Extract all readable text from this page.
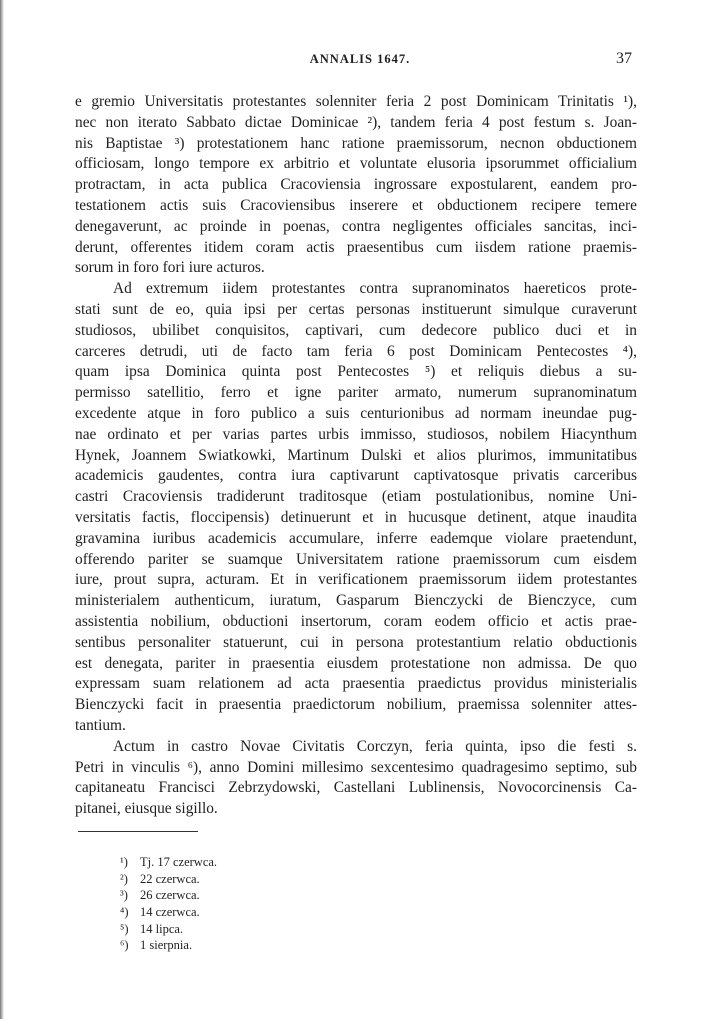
ANNALIS 1647.	37
e gremio Universitatis protestantes solenniter feria 2 post Dominicam Trinitatis ¹),
nec non iterato Sabbato dictae Dominicae ²), tandem feria 4 post festum s. Joan-
nis Baptistae ³) protestationem hanc ratione praemissorum, necnon obductionem
officiosam, longo tempore ex arbitrio et voluntate elusoria ipsorummet officialium
protractam, in acta publica Cracoviensia ingrossare expostularent, eandem pro-
testationem actis suis Cracoviensibus inserere et obductionem recipere temere
denegaverunt, ac proinde in poenas, contra negligentes officiales sancitas, inci-
derunt, offerentes itidem coram actis praesentibus cum iisdem ratione praemis-
sorum in foro fori iure acturos.
Ad extremum iidem protestantes contra supranominatos haereticos prote-
stati sunt de eo, quia ipsi per certas personas instituerunt simulque curaverunt
studiosos, ubilibet conquisitos, captivari, cum dedecore publico duci et in
carceres detrudi, uti de facto tam feria 6 post Dominicam Pentecostes ⁴),
quam ipsa Dominica quinta post Pentecostes ⁵) et reliquis diebus a su-
permisso satellitio, ferro et igne pariter armato, numerum supranominatum
excedente atque in foro publico a suis centurionibus ad normam ineundae pug-
nae ordinato et per varias partes urbis immisso, studiosos, nobilem Hiacynthum
Hynek, Joannem Swiatkowki, Martinum Dulski et alios plurimos, immunitatibus
academicis gaudentes, contra iura captivarunt captivatosque privatis carceribus
castri Cracoviensis tradiderunt traditosque (etiam postulationibus, nomine Uni-
versitatis factis, floccipensis) detinuerunt et in hucusque detinent, atque inaudita
gravamina iuribus academicis accumulare, inferre eademque violare praetendunt,
offerendo pariter se suamque Universitatem ratione praemissorum cum eisdem
iure, prout supra, acturam. Et in verificationem praemissorum iidem protestantes
ministerialem authenticum, iuratum, Gasparum Bienczycki de Bienczyce, cum
assistentia nobilium, obductioni insertorum, coram eodem officio et actis prae-
sentibus personaliter statuerunt, cui in persona protestantium relatio obductionis
est denegata, pariter in praesentia eiusdem protestatione non admissa. De quo
expressam suam relationem ad acta praesentia praedictus providus ministerialis
Bienczycki facit in praesentia praedictorum nobilium, praemissa solenniter attes-
tantium.
Actum in castro Novae Civitatis Corczyn, feria quinta, ipso die festi s.
Petri in vinculis ⁶), anno Domini millesimo sexcentesimo quadragesimo septimo, sub
capitaneatu Francisci Zebrzydowski, Castellani Lublinensis, Novocorcinensis Ca-
pitanei, eiusque sigillo.
¹) Tj. 17 czerwca.
²) 22 czerwca.
³) 26 czerwca.
⁴) 14 czerwca.
⁵) 14 lipca.
⁶) 1 sierpnia.
